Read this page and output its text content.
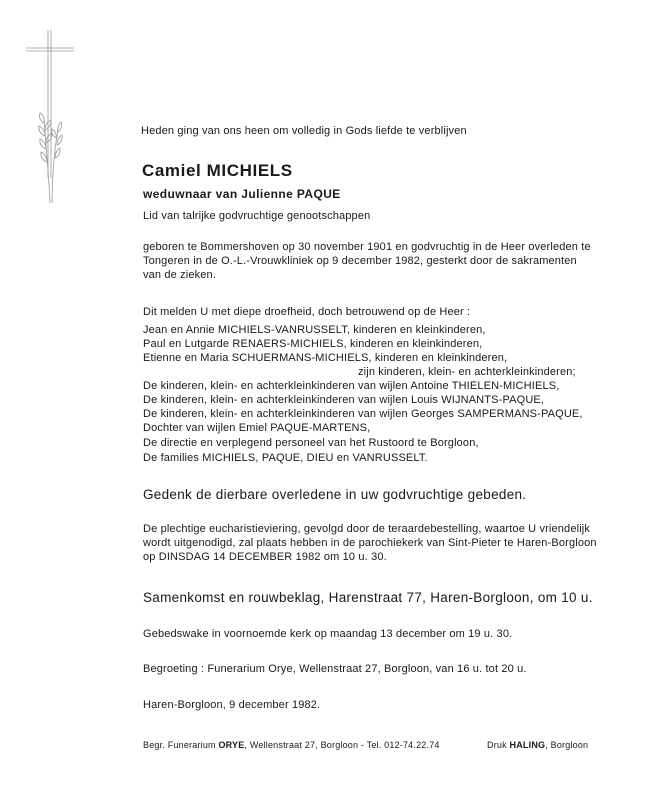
Heden ging van ons heen om volledig in Gods liefde te verblijven
Camiel MICHIELS
weduwnaar van Julienne PAQUE
Lid van talrijke godvruchtige genootschappen
geboren te Bommershoven op 30 november 1901 en godvruchtig in de Heer overleden te
Tongeren in de O.-L.-Vrouwkliniek op 9 december 1982, gesterkt door de sakramenten
van de zieken.
Dit melden U met diepe droefheid, doch betrouwend op de Heer :
Jean en Annie MICHIELS-VANRUSSELT, kinderen en kleinkinderen,
Paul en Lutgarde RENAERS-MICHIELS, kinderen en kleinkinderen,
Etienne en Maria SCHUERMANS-MICHIELS, kinderen en kleinkinderen,
zijn kinderen, klein- en achterkleinkinderen;
De kinderen, klein- en achterkleinkinderen van wijlen Antoine THIELEN-MICHIELS,
De kinderen, klein- en achterkleinkinderen van wijlen Louis WIJNANTS-PAQUE,
De kinderen, klein- en achterkleinkinderen van wijlen Georges SAMPERMANS-PAQUE,
Dochter van wijlen Emiel PAQUE-MARTENS,
De directie en verplegend personeel van het Rustoord te Borgloon,
De families MICHIELS, PAQUE, DIEU en VANRUSSELT.
Gedenk de dierbare overledene in uw godvruchtige gebeden.
De plechtige eucharistieviering, gevolgd door de teraardebestelling, waartoe U vriendelijk
wordt uitgenodigd, zal plaats hebben in de parochiekerk van Sint-Pieter te Haren-Borgloon
op DINSDAG 14 DECEMBER 1982 om 10 u. 30.
Samenkomst en rouwbeklag, Harenstraat 77, Haren-Borgloon, om 10 u.
Gebedswake in voornoemde kerk op maandag 13 december om 19 u. 30.
Begroeting : Funerarium Orye, Wellenstraat 27, Borgloon, van 16 u. tot 20 u.
Haren-Borgloon, 9 december 1982.
Begr. Funerarium ORYE, Wellenstraat 27, Borgloon - Tel. 012-74.22.74	Druk HALING, Borgloon
